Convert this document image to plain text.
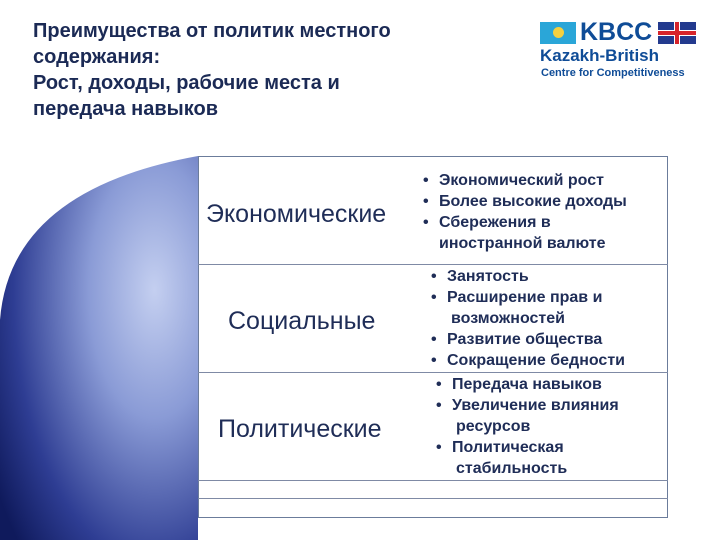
Преимущества от политик местного
содержания:
Рост, доходы, рабочие места и
передача навыков
KBCC
Kazakh-British
Centre for Competitiveness
Экономические
• Экономический рост
• Более высокие доходы
• Сбережения в
иностранной валюте
Социальные
• Занятость
• Расширение прав и
возможностей
• Развитие общества
• Сокращение бедности
Политические
• Передача навыков
• Увеличение влияния
ресурсов
• Политическая
стабильность
